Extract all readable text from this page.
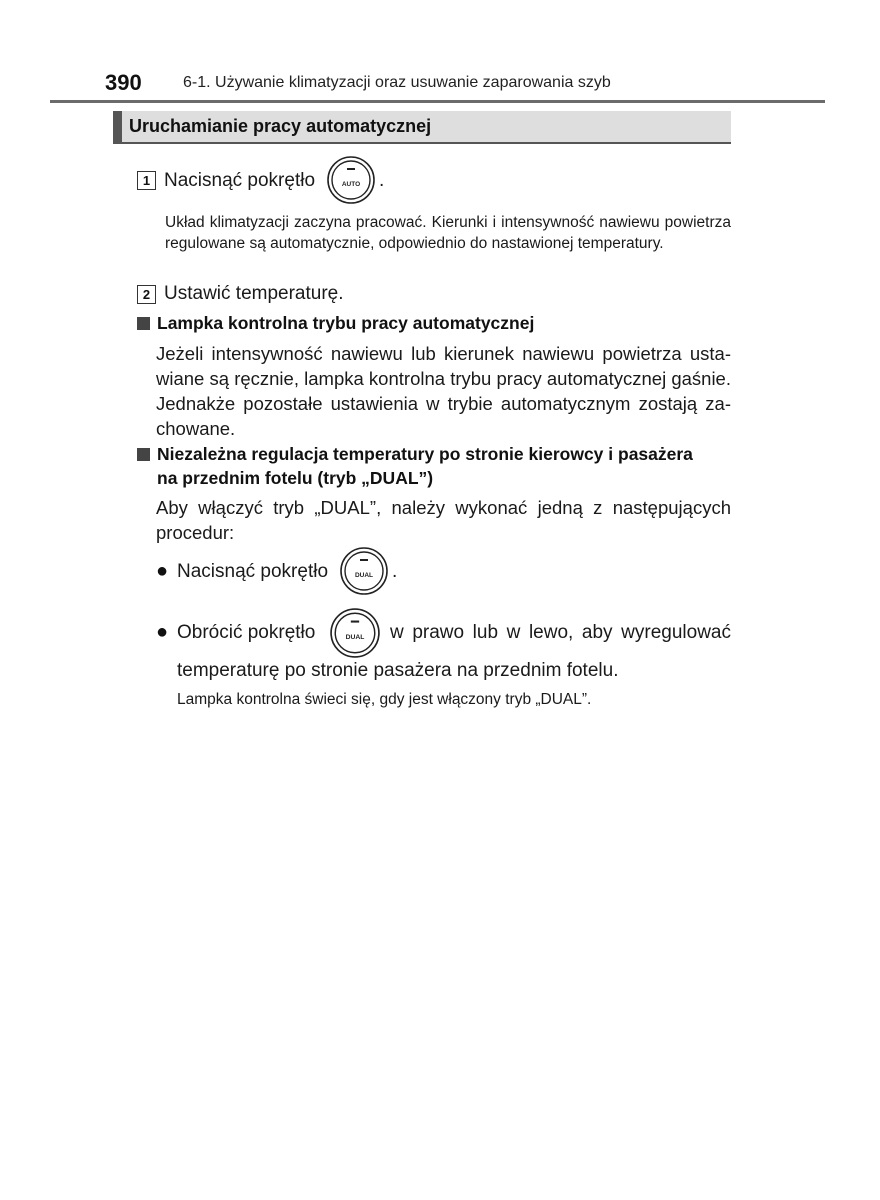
390	6-1. Używanie klimatyzacji oraz usuwanie zaparowania szyb
Uruchamianie pracy automatycznej
1 Nacisnąć pokrętło	AUTO .
Układ klimatyzacji zaczyna pracować. Kierunki i intensywność nawiewu powietrza regulowane są automatycznie, odpowiednio do nastawionej temperatury.
2 Ustawić temperaturę.
Lampka kontrolna trybu pracy automatycznej
Jeżeli intensywność nawiewu lub kierunek nawiewu powietrza usta-wiane są ręcznie, lampka kontrolna trybu pracy automatycznej gaśnie. Jednakże pozostałe ustawienia w trybie automatycznym zostają za-chowane.
Niezależna regulacja temperatury po stronie kierowcy i pasażera
na przednim fotelu (tryb „DUAL”)
Aby włączyć tryb „DUAL”, należy wykonać jedną z następujących procedur:
● Nacisnąć pokrętło	DUAL .
● Obrócić pokrętło	DUAL w prawo lub w lewo, aby wyregulować
temperaturę po stronie pasażera na przednim fotelu.
Lampka kontrolna świeci się, gdy jest włączony tryb „DUAL”.
